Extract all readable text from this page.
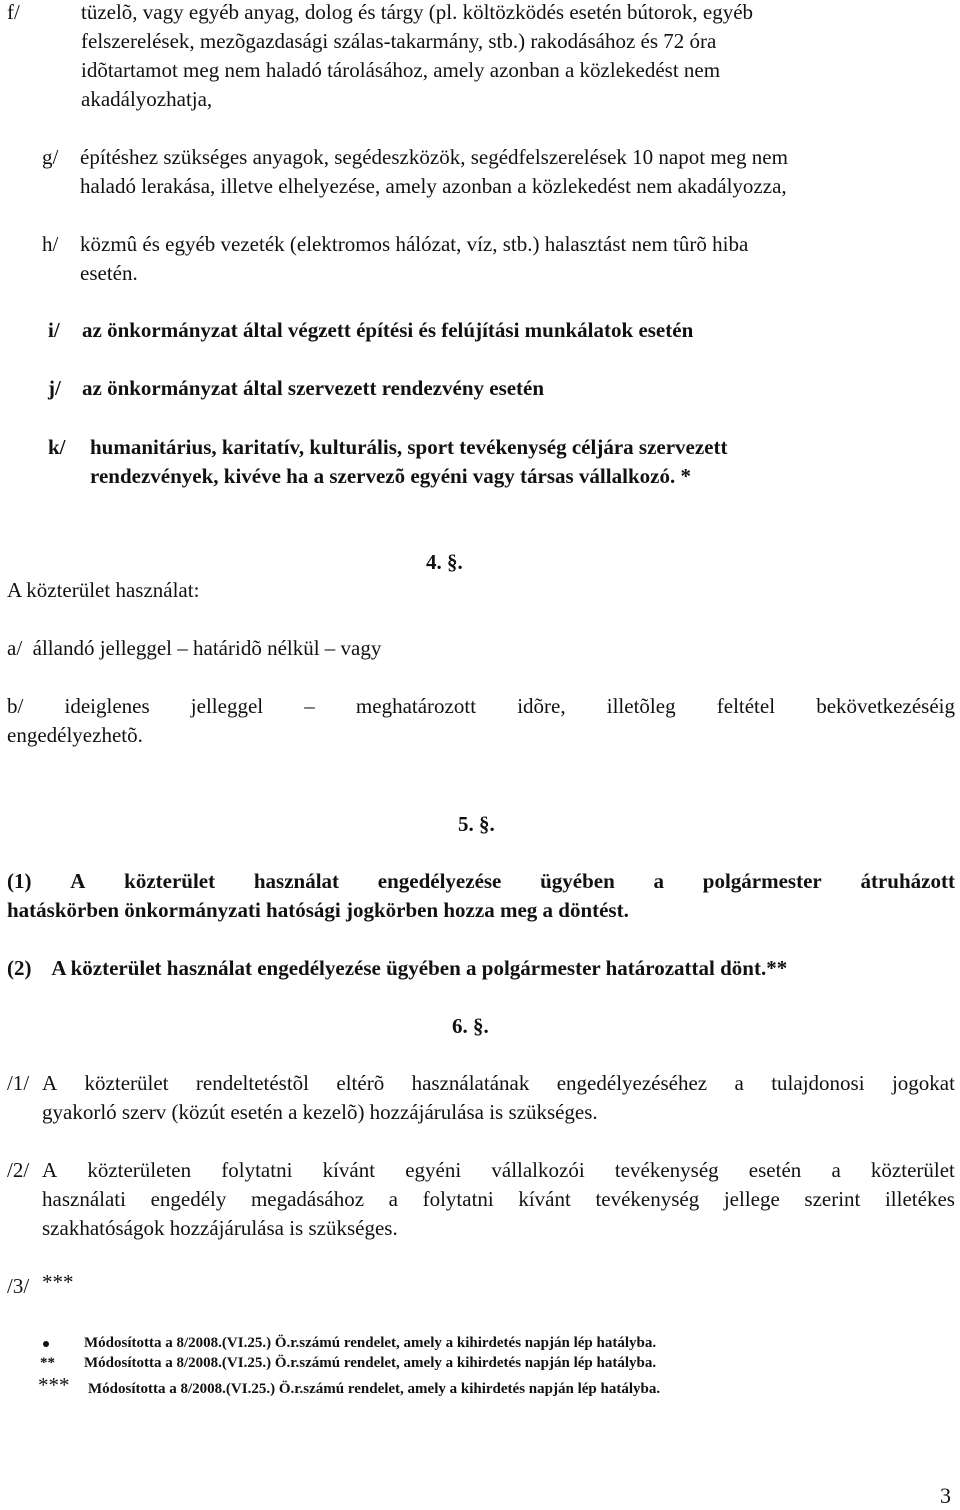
f/	tüzelõ, vagy egyéb anyag, dolog és tárgy (pl. költözködés esetén bútorok, egyéb
felszerelések, mezõgazdasági szálas-takarmány, stb.) rakodásához és 72 óra
idõtartamot meg nem haladó tárolásához, amely azonban a közlekedést nem
akadályozhatja,
g/ építéshez szükséges anyagok, segédeszközök, segédfelszerelések 10 napot meg nem
haladó lerakása, illetve elhelyezése, amely azonban a közlekedést nem akadályozza,
h/ közmû és egyéb vezeték (elektromos hálózat, víz, stb.) halasztást nem tûrõ hiba
esetén.
i/ az önkormányzat által végzett építési és felújítási munkálatok esetén
j/ az önkormányzat által szervezett rendezvény esetén
k/ humanitárius, karitatív, kulturális, sport tevékenység céljára szervezett
rendezvények, kivéve ha a szervezõ egyéni vagy társas vállalkozó. *
4. §.
A közterület használat:
a/  állandó jelleggel – határidõ nélkül – vagy
b/ ideiglenes jelleggel – meghatározott idõre, illetõleg feltétel bekövetkezéséig
engedélyezhetõ.
5. §.
(1) A közterület használat engedélyezése ügyében a polgármester átruházott
hatáskörben önkormányzati hatósági jogkörben hozza meg a döntést.
(2)    A közterület használat engedélyezése ügyében a polgármester határozattal dönt.**
6. §.
/1/ A közterület rendeltetéstõl eltérõ használatának engedélyezéséhez a tulajdonosi jogokat
gyakorló szerv (közút esetén a kezelõ) hozzájárulása is szükséges.
/2/ A közterületen folytatni kívánt egyéni vállalkozói tevékenység esetén a közterület
használati engedély megadásához a folytatni kívánt tevékenység jellege szerint illetékes
szakhatóságok hozzájárulása is szükséges.
/3/ ***
Módosította a 8/2008.(VI.25.) Ö.r.számú rendelet, amely a kihirdetés napján lép hatályba.
** Módosította a 8/2008.(VI.25.) Ö.r.számú rendelet, amely a kihirdetés napján lép hatályba.
*** Módosította a 8/2008.(VI.25.) Ö.r.számú rendelet, amely a kihirdetés napján lép hatályba.
3
